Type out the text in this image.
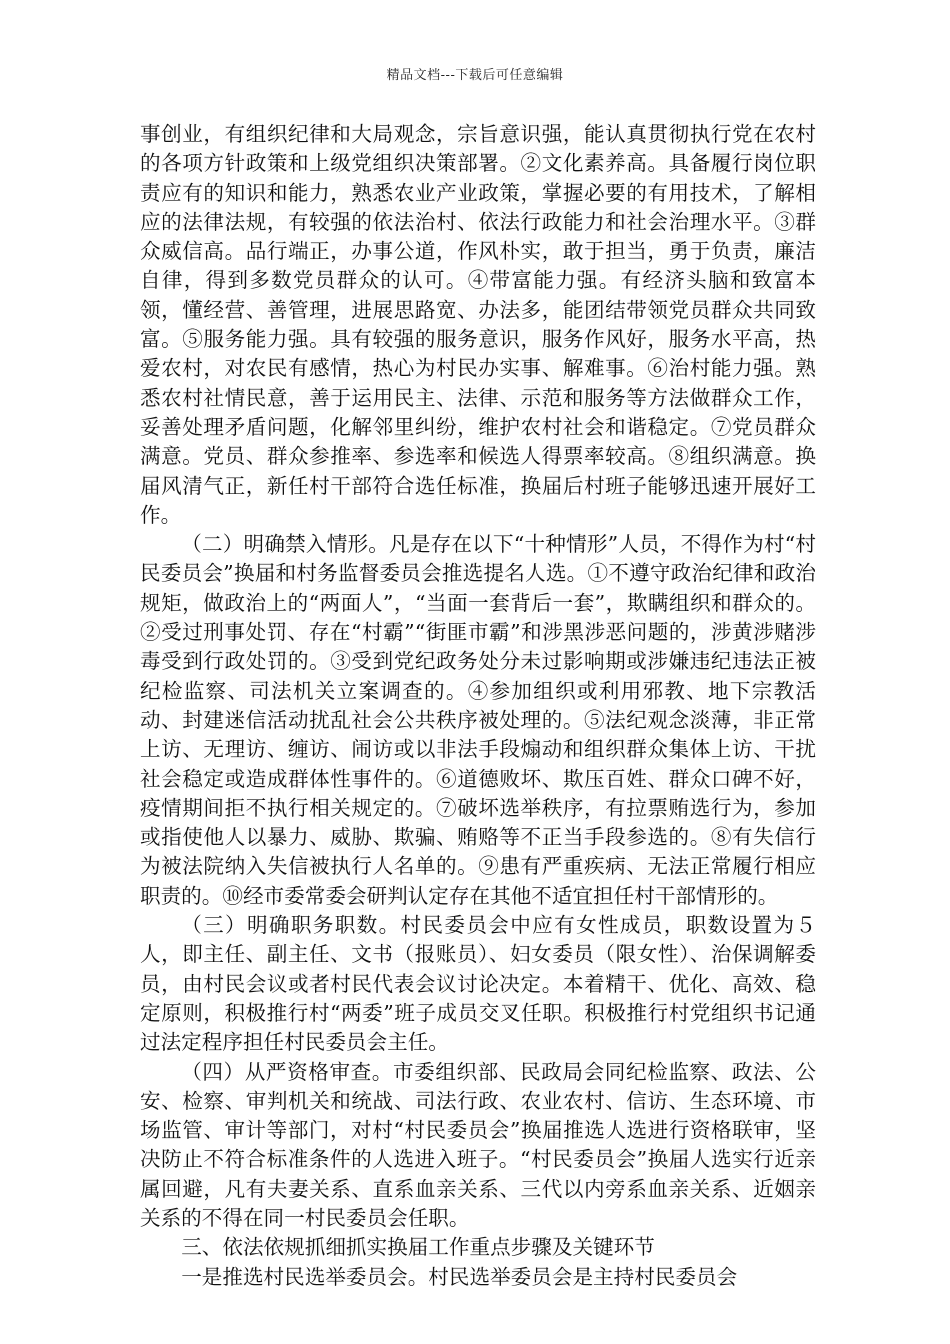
精品文档---下载后可任意编辑

事创业，有组织纪律和大局观念，宗旨意识强，能认真贯彻执行党在农村的各项方针政策和上级党组织决策部署。②文化素养高。具备履行岗位职责应有的知识和能力，熟悉农业产业政策，掌握必要的有用技术，了解相应的法律法规，有较强的依法治村、依法行政能力和社会治理水平。③群众威信高。品行端正，办事公道，作风朴实，敢于担当，勇于负责，廉洁自律，得到多数党员群众的认可。④带富能力强。有经济头脑和致富本领，懂经营、善管理，进展思路宽、办法多，能团结带领党员群众共同致富。⑤服务能力强。具有较强的服务意识，服务作风好，服务水平高，热爱农村，对农民有感情，热心为村民办实事、解难事。⑥治村能力强。熟悉农村社情民意，善于运用民主、法律、示范和服务等方法做群众工作，妥善处理矛盾问题，化解邻里纠纷，维护农村社会和谐稳定。⑦党员群众满意。党员、群众参推率、参选率和候选人得票率较高。⑧组织满意。换届风清气正，新任村干部符合选任标准，换届后村班子能够迅速开展好工作。

（二）明确禁入情形。凡是存在以下“十种情形”人员，不得作为村“村民委员会”换届和村务监督委员会推选提名人选。①不遵守政治纪律和政治规矩，做政治上的“两面人”，“当面一套背后一套”，欺瞒组织和群众的。②受过刑事处罚、存在“村霸”“街匪市霸”和涉黑涉恶问题的，涉黄涉赌涉毒受到行政处罚的。③受到党纪政务处分未过影响期或涉嫌违纪违法正被纪检监察、司法机关立案调查的。④参加组织或利用邪教、地下宗教活动、封建迷信活动扰乱社会公共秩序被处理的。⑤法纪观念淡薄，非正常上访、无理访、缠访、闹访或以非法手段煽动和组织群众集体上访、干扰社会稳定或造成群体性事件的。⑥道德败坏、欺压百姓、群众口碑不好，疫情期间拒不执行相关规定的。⑦破坏选举秩序，有拉票贿选行为，参加或指使他人以暴力、威胁、欺骗、贿赂等不正当手段参选的。⑧有失信行为被法院纳入失信被执行人名单的。⑨患有严重疾病、无法正常履行相应职责的。⑩经市委常委会研判认定存在其他不适宜担任村干部情形的。

（三）明确职务职数。村民委员会中应有女性成员，职数设置为５人，即主任、副主任、文书（报账员）、妇女委员（限女性）、治保调解委员，由村民会议或者村民代表会议讨论决定。本着精干、优化、高效、稳定原则，积极推行村“两委”班子成员交叉任职。积极推行村党组织书记通过法定程序担任村民委员会主任。

（四）从严资格审查。市委组织部、民政局会同纪检监察、政法、公安、检察、审判机关和统战、司法行政、农业农村、信访、生态环境、市场监管、审计等部门，对村“村民委员会”换届推选人选进行资格联审，坚决防止不符合标准条件的人选进入班子。“村民委员会”换届人选实行近亲属回避，凡有夫妻关系、直系血亲关系、三代以内旁系血亲关系、近姻亲关系的不得在同一村民委员会任职。

三、依法依规抓细抓实换届工作重点步骤及关键环节

一是推选村民选举委员会。村民选举委员会是主持村民委员会
